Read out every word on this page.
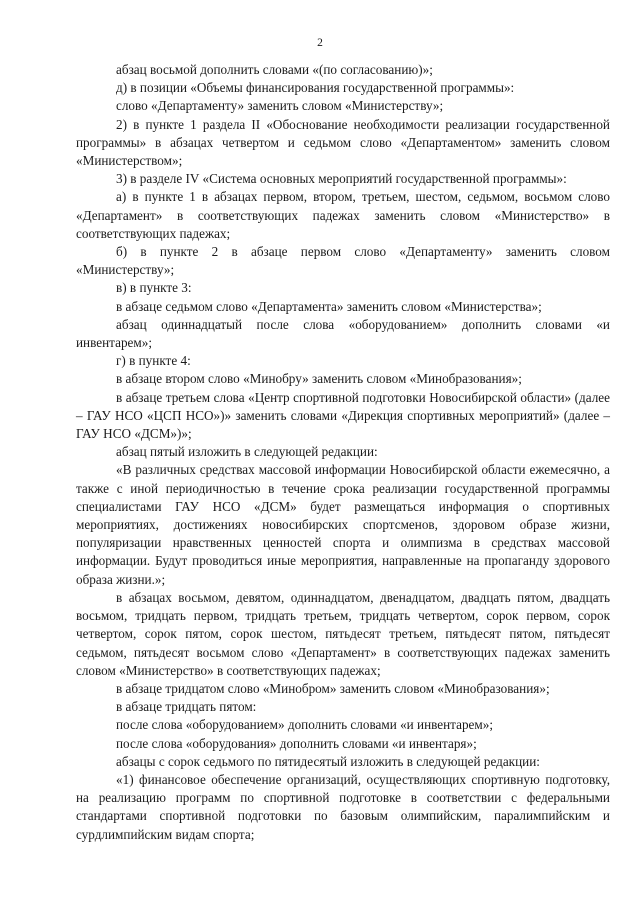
2

абзац восьмой дополнить словами «(по согласованию)»;

д) в позиции «Объемы финансирования государственной программы»:

слово «Департаменту» заменить словом «Министерству»;

2) в пункте 1 раздела II «Обоснование необходимости реализации государственной программы» в абзацах четвертом и седьмом слово «Департаментом» заменить словом «Министерством»;

3) в разделе IV «Система основных мероприятий государственной программы»:

а) в пункте 1 в абзацах первом, втором, третьем, шестом, седьмом, восьмом слово «Департамент» в соответствующих падежах заменить словом «Министерство» в соответствующих падежах;

б) в пункте 2 в абзаце первом слово «Департаменту» заменить словом «Министерству»;

в) в пункте 3:

в абзаце седьмом слово «Департамента» заменить словом «Министерства»;

абзац одиннадцатый после слова «оборудованием» дополнить словами «и инвентарем»;

г) в пункте 4:

в абзаце втором слово «Минобру» заменить словом «Минобразования»;

в абзаце третьем слова «Центр спортивной подготовки Новосибирской области» (далее – ГАУ НСО «ЦСП НСО»)» заменить словами «Дирекция спортивных мероприятий» (далее – ГАУ НСО «ДСМ»)»;

абзац пятый изложить в следующей редакции:

«В различных средствах массовой информации Новосибирской области ежемесячно, а также с иной периодичностью в течение срока реализации государственной программы специалистами ГАУ НСО «ДСМ» будет размещаться информация о спортивных мероприятиях, достижениях новосибирских спортсменов, здоровом образе жизни, популяризации нравственных ценностей спорта и олимпизма в средствах массовой информации. Будут проводиться иные мероприятия, направленные на пропаганду здорового образа жизни.»;

в абзацах восьмом, девятом, одиннадцатом, двенадцатом, двадцать пятом, двадцать восьмом, тридцать первом, тридцать третьем, тридцать четвертом, сорок первом, сорок четвертом, сорок пятом, сорок шестом, пятьдесят третьем, пятьдесят пятом, пятьдесят седьмом, пятьдесят восьмом слово «Департамент» в соответствующих падежах заменить словом «Министерство» в соответствующих падежах;

в абзаце тридцатом слово «Минобром» заменить словом «Минобразования»;

в абзаце тридцать пятом:

после слова «оборудованием» дополнить словами «и инвентарем»;

после слова «оборудования» дополнить словами «и инвентаря»;

абзацы с сорок седьмого по пятидесятый изложить в следующей редакции:

«1) финансовое обеспечение организаций, осуществляющих спортивную подготовку, на реализацию программ по спортивной подготовке в соответствии с федеральными стандартами спортивной подготовки по базовым олимпийским, паралимпийским и сурдлимпийским видам спорта;
